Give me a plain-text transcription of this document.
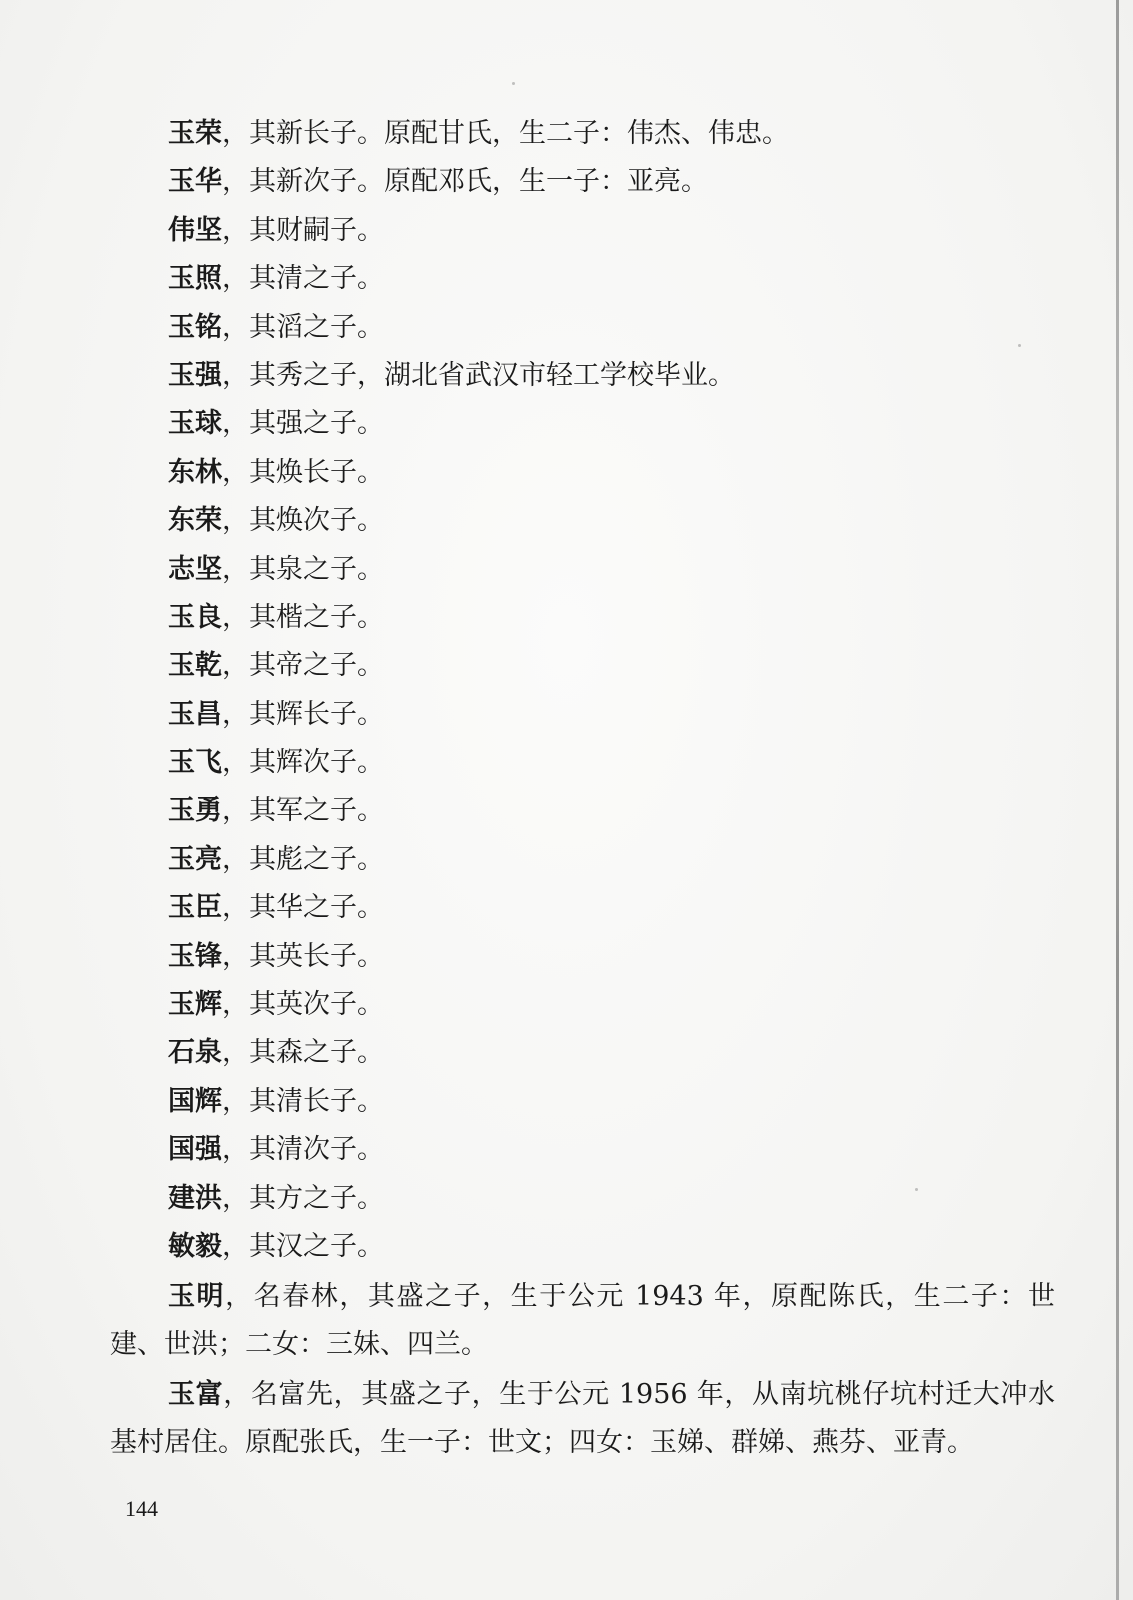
玉荣，其新长子。原配甘氏，生二子：伟杰、伟忠。
玉华，其新次子。原配邓氏，生一子：亚亮。
伟坚，其财嗣子。
玉照，其清之子。
玉铭，其滔之子。
玉强，其秀之子，湖北省武汉市轻工学校毕业。
玉球，其强之子。
东林，其焕长子。
东荣，其焕次子。
志坚，其泉之子。
玉良，其楷之子。
玉乾，其帝之子。
玉昌，其辉长子。
玉飞，其辉次子。
玉勇，其军之子。
玉亮，其彪之子。
玉臣，其华之子。
玉锋，其英长子。
玉辉，其英次子。
石泉，其森之子。
国辉，其清长子。
国强，其清次子。
建洪，其方之子。
敏毅，其汉之子。

玉明，名春林，其盛之子，生于公元 1943 年，原配陈氏，生二子：世建、世洪；二女：三妹、四兰。

玉富，名富先，其盛之子，生于公元 1956 年，从南坑桃仔坑村迁大冲水基村居住。原配张氏，生一子：世文；四女：玉娣、群娣、燕芬、亚青。

144
